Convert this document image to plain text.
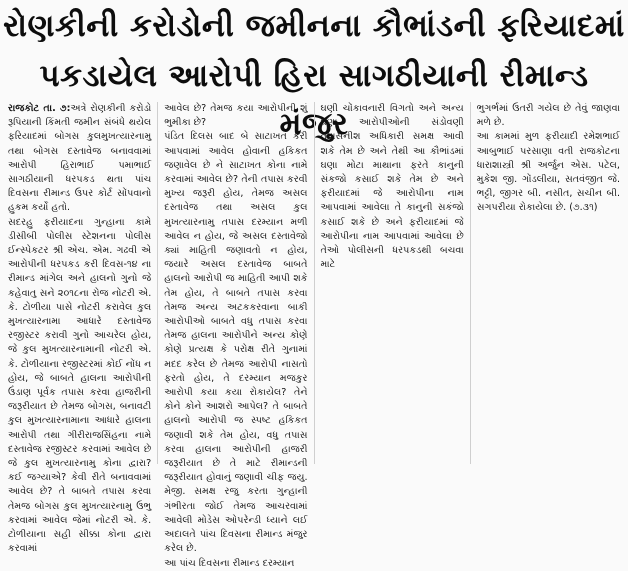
રોણકીની કરોડોની જમીનના કૌભાંડની ફરિયાદમાં
પકડાયેલ આરોપી હિરા સાગઠીયાની રીમાન્ડ મંજુર

રાજકોટ તા. ૭:અત્રે રોણકીની કરોડો રૂપિયાની કિંમતી જમીન સંબંધે થયેલ ફરિયાદમાં બોગસ કુલમુખત્યારનામુ તથા બોગસ દસ્તાવેજ બનાવવામાં આરોપી હિરાભાઈ પમાભાઈ સાગઠીયાની ધરપકડ થતા પાંચ દિવસના રીમાન્ડ ઉપર કોર્ટ સોંપવાનો હુકમ કર્યો હતો.
સદરહુ ફરીયાદના ગુન્હાના કામે ડીસીબી પોલીસ સ્ટેશનના પોલીસ ઈન્સ્પેકટર શ્રી એચ. એમ. ગઢવી એ આરોપીની ધરપકડ કરી દિવસ-૧૪ ના રીમાન્ડ માંગેલ અને હાલનો ગુનો જે કહેવાતુ સને ૨૦૧૮ના રોજ નોટરી એ. કે. ટોળીયા પાસે નોટરી કરાવેલ કુલ મુખત્યારનામા આધારે દસ્તાવેજ રજીસ્ટર કરાવી ગુનો આચરેલ હોય, જે કુલ મુખત્યારનામાની નોટરી એ. કે. ટોળીયાના રજીસ્ટરમાં કોઈ નોંધ ન હોય, જે બાબતે હાલના આરોપીની ઉંડાણ પૂર્વક તપાસ કરવા હાજરીની જરૂરીયાત છે તેમજ બોગસ, બનાવટી કુલ મુખત્યારનામાના આધારે હાલના આરોપી તથા ગીરીરાજસિંહના નામે દસ્તાવેજ રજીસ્ટર કરવામાં આવેલ છે જે કુલ મુખત્યારનામુ કોના દ્વારા? કઈ જગ્યાએ? કેવી રીતે બનાવવામાં આવેલ છે? તે બાબતે તપાસ કરવા તેમજ બોગસ કુલ મુખત્યારનામુ ઉભુ કરવામાં આવેલ જેમાં નોટરી એ. કે. ટોળીયાના સહી સીક્કા કોના દ્વારા કરવામાં

આવેલ છે? તેમજ કયા આરોપીની શું ભુમીકા છે?
પંડિત દિલસ બાદ બે સાટાખત કરી આપવામાં આવેલ હોવાની હકિકત જણાવેલ છે ને સાટાખત કોના નામે કરવામાં આવેલ છે? તેની તપાસ કરવી મુખ્ય જરૂરી હોય, તેમજ અસલ દસ્તાવેજ તથા અસલ કુલ મુખત્યારનામુ તપાસ દરમ્યાન મળી આવેલ ન હોય, જે અસલ દસ્તાવેજો ક્યાં માહિતી જણાવતો ન હોય, જયારે અસલ દસ્તાવેજ બાબતે હાલનો આરોપી જ માહિતી આપી શકે તેમ હોય, તે બાબતે તપાસ કરવા તેમજ અન્ય અટકકરવાના બાકી આરોપીઓ બાબતે વધુ તપાસ કરવા તેમજ હાલના આરોપીને અન્ય કોણે કોણે પ્રત્યક્ષ કે પરોક્ષ રીતે ગુનામાં મદદ કરેલ છે તેમજ આરોપી નાસતો ફરતો હોય, તે દરમ્યાન મજકુર આરોપી કયા કયા રોકાયેલ? તેને કોને કોને આશરો આપેલ? તે બાબતે હાલનો આરોપી જ સ્પષ્ટ હકિકત જણાવી શકે તેમ હોય, વધુ તપાસ કરવા હાલના આરોપીની હાજરી જરૂરીયાત છે તે માટે રીમાન્ડની જરૂરીયાત હોવાનું જણાવી ચીફ જયુ. મેજી. સમક્ષ રજુ કરતા ગુન્હાની ગંભીરતા જોઈ તેમજ આચરવામાં આવેલી મોડેસ ઓપરેન્ડી ધ્યાને લઈ અદાલતે પાંચ દિવસના રીમાન્ડ મંજુર કરેલ છે.
આ પાંચ દિવસના રીમાન્ડ દરમ્યાન

ઘણી ચોંકાવનારી વિગતો અને અન્ય ઘણા આરોપીઓની સંડોવણી તપાસનીશ અધિકારી સમક્ષ આવી શકે તેમ છે અને તેથી આ કૌભાંડમાં ઘણા મોટા માથાના ફરતે કાનુની સંકજો કસાઈ શકે તેમ છે અને ફરીયાદમાં જે આરોપીના નામ આપવામાં આવેલા તે કાનુની સકંજો કસાઈ શકે છે અને ફરીયાદમાં જે આરોપીના નામ આપવામાં આવેલા છે તેઓ પોલીસની ધરપકડથી બચવા માટે

ભુગર્ભમાં ઉતરી ગયેલ છે તેવું જાણવા મળે છે.
આ કામમાં મુળ ફરીયાદી રમેશભાઈ આબુભાઈ પરસાણા વતી રાજકોટના ધારાશાસ્ત્રી શ્રી અર્જુન એસ. પટેલ, મુકેશ જી. ગોંડલીયા, સતવંજીત જે. ભટ્ટી, જીગર બી. નસીત, સચીન બી. સગપરીયા રોકાયેલા છે. (૭.૩૧)
